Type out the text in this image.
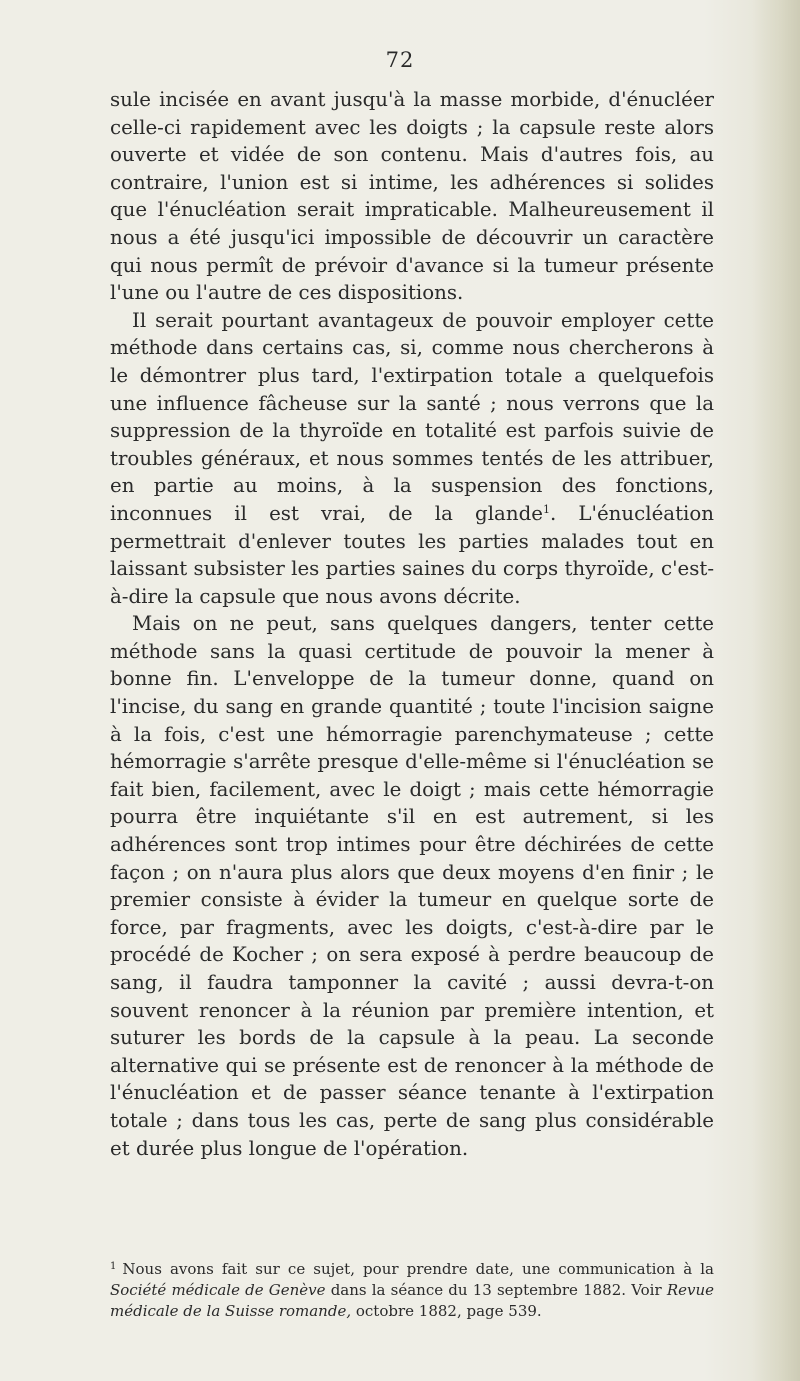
72

sule incisée en avant jusqu'à la masse morbide, d'énucléer celle-ci rapidement avec les doigts ; la capsule reste alors ouverte et vidée de son contenu. Mais d'autres fois, au contraire, l'union est si intime, les adhérences si solides que l'énucléation serait impraticable. Malheureusement il nous a été jusqu'ici impossible de découvrir un caractère qui nous permît de prévoir d'avance si la tumeur présente l'une ou l'autre de ces dispositions.

Il serait pourtant avantageux de pouvoir employer cette méthode dans certains cas, si, comme nous chercherons à le démontrer plus tard, l'extirpation totale a quelquefois une influence fâcheuse sur la santé ; nous verrons que la suppression de la thyroïde en totalité est parfois suivie de troubles généraux, et nous sommes tentés de les attribuer, en partie au moins, à la suspension des fonctions, inconnues il est vrai, de la glande$^1$. L'énucléation permettrait d'enlever toutes les parties malades tout en laissant subsister les parties saines du corps thyroïde, c'est-à-dire la capsule que nous avons décrite.

Mais on ne peut, sans quelques dangers, tenter cette méthode sans la quasi certitude de pouvoir la mener à bonne fin. L'enveloppe de la tumeur donne, quand on l'incise, du sang en grande quantité ; toute l'incision saigne à la fois, c'est une hémorragie parenchymateuse ; cette hémorragie s'arrête presque d'elle-même si l'énucléation se fait bien, facilement, avec le doigt ; mais cette hémorragie pourra être inquiétante s'il en est autrement, si les adhérences sont trop intimes pour être déchirées de cette façon ; on n'aura plus alors que deux moyens d'en finir ; le premier consiste à évider la tumeur en quelque sorte de force, par fragments, avec les doigts, c'est-à-dire par le procédé de Kocher ; on sera exposé à perdre beaucoup de sang, il faudra tamponner la cavité ; aussi devra-t-on souvent renoncer à la réunion par première intention, et suturer les bords de la capsule à la peau. La seconde alternative qui se présente est de renoncer à la méthode de l'énucléation et de passer séance tenante à l'extirpation totale ; dans tous les cas, perte de sang plus considérable et durée plus longue de l'opération.

$^1$ Nous avons fait sur ce sujet, pour prendre date, une communication à la Société médicale de Genève dans la séance du 13 septembre 1882. Voir Revue médicale de la Suisse romande, octobre 1882, page 539.
